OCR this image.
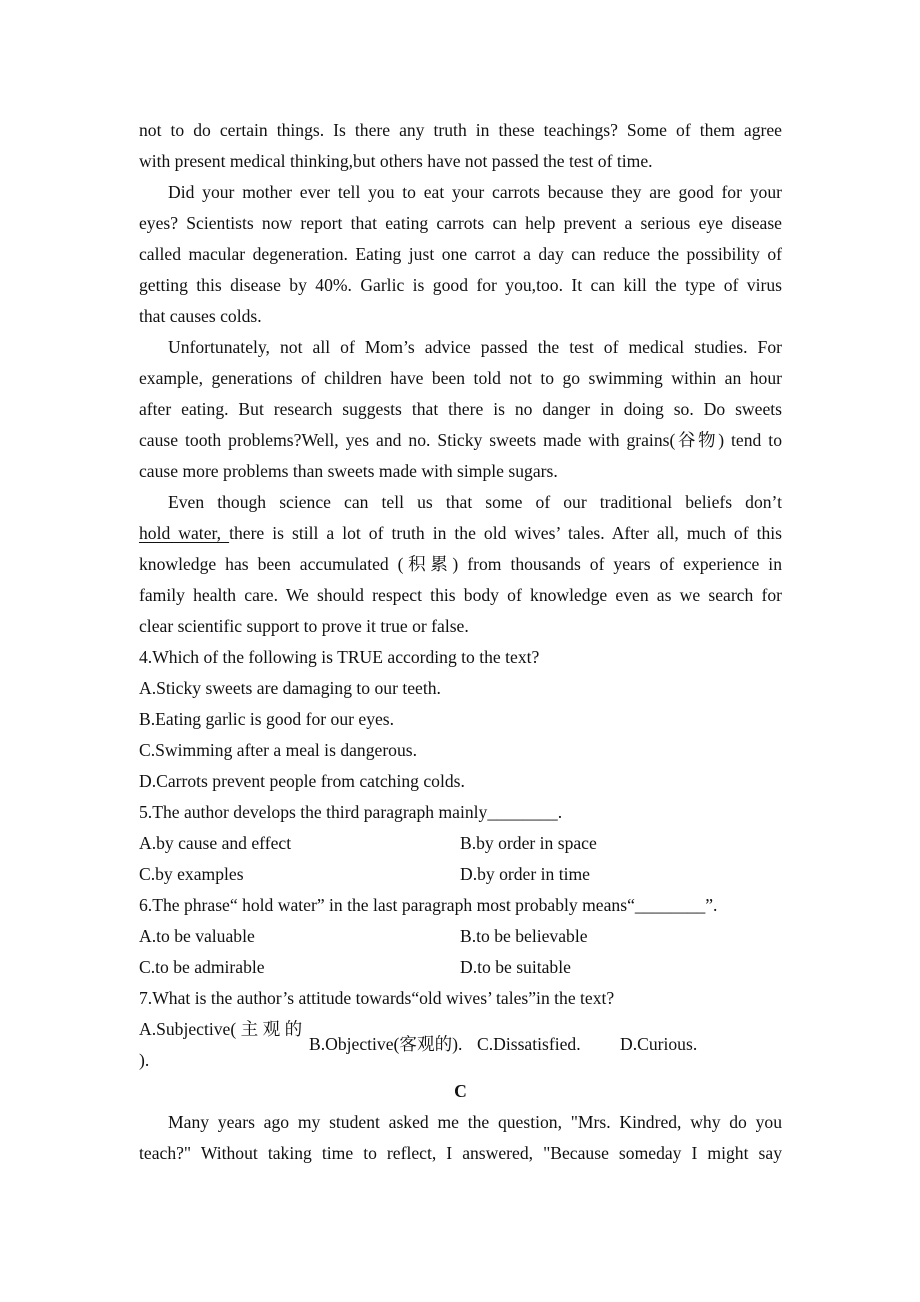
not to do certain things. Is there any truth in these teachings? Some of them agree
with present medical thinking,but others have not passed the test of time.
Did your mother ever tell you to eat your carrots because they are good for your
eyes? Scientists now report that eating carrots can help prevent a serious eye disease
called macular degeneration. Eating just one carrot a day can reduce the possibility of
getting this disease by 40%. Garlic is good for you,too. It can kill the type of virus
that causes colds.
Unfortunately, not all of Mom’s advice passed the test of medical studies. For
example, generations of children have been told not to go swimming within an hour
after eating. But research suggests that there is no danger in doing so. Do sweets
cause tooth problems?Well, yes and no. Sticky sweets made with grains(谷物) tend to
cause more problems than sweets made with simple sugars.
Even though science can tell us that some of our traditional beliefs don’t
hold water, there is still a lot of truth in the old wives’ tales. After all, much of this
knowledge has been accumulated (积累) from thousands of years of experience in
family health care. We should respect this body of knowledge even as we search for
clear scientific support to prove it true or false.
4.Which of the following is TRUE according to the text?
A.Sticky sweets are damaging to our teeth.
B.Eating garlic is good for our eyes.
C.Swimming after a meal is dangerous.
D.Carrots prevent people from catching colds.
5.The author develops the third paragraph mainly________.
A.by cause and effect	B.by order in space
C.by examples	D.by order in time
6.The phrase“ hold water” in the last paragraph most probably means“________”.
A.to be valuable	B.to be believable
C.to be admirable	D.to be suitable
7.What is the author’s attitude towards“old wives’ tales”in the text?
A.Subjective( 主 观 的
).
B.Objective(客观的). C.Dissatisfied. D.Curious.
C
Many years ago my student asked me the question, "Mrs. Kindred, why do you
teach?" Without taking time to reflect, I answered, "Because someday I might say
